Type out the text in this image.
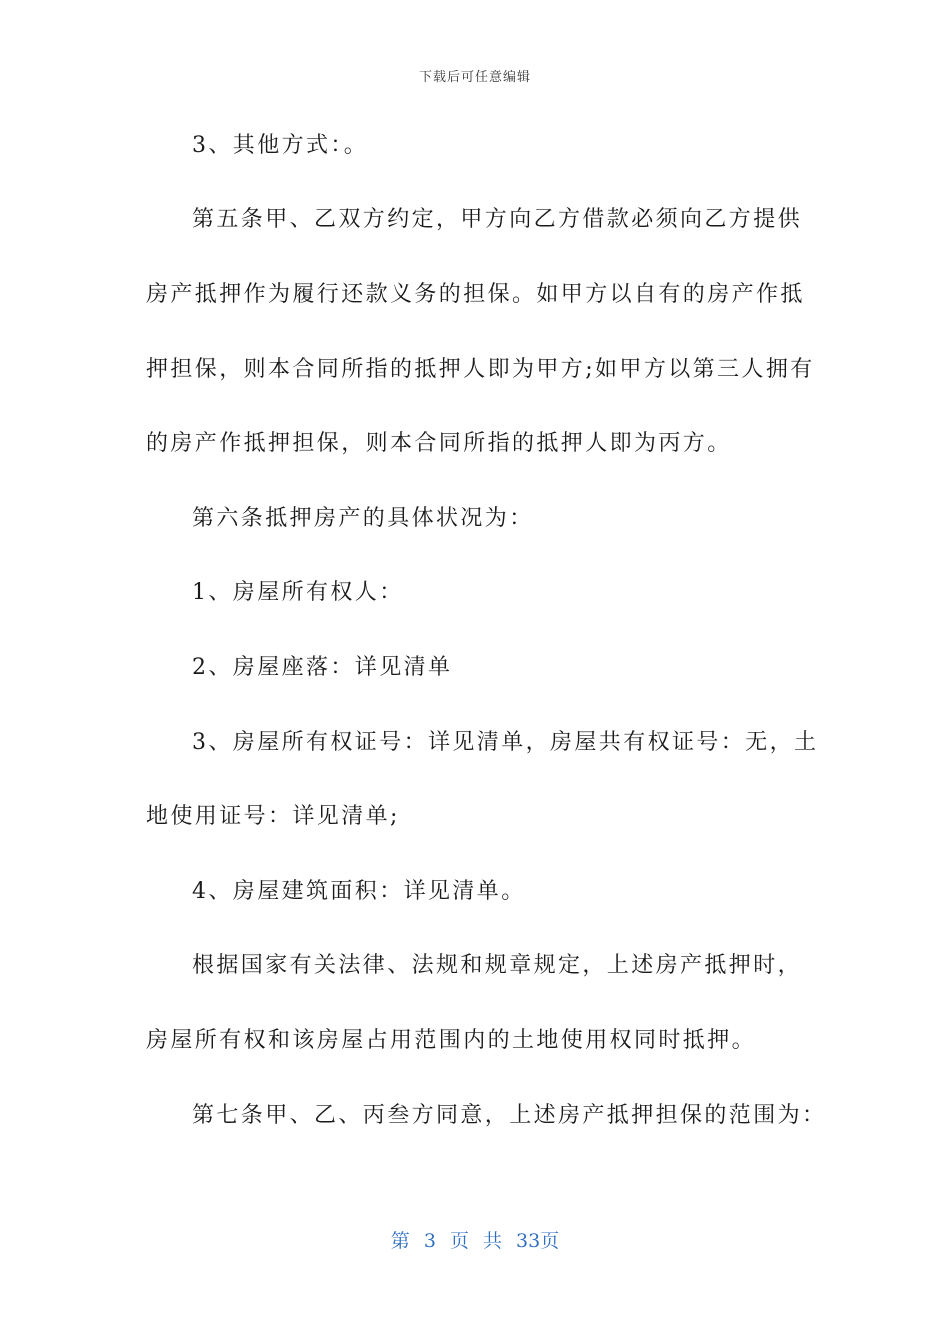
下载后可任意编辑
3、其他方式：。
第五条甲、乙双方约定，甲方向乙方借款必须向乙方提供
房产抵押作为履行还款义务的担保。如甲方以自有的房产作抵
押担保，则本合同所指的抵押人即为甲方;如甲方以第三人拥有
的房产作抵押担保，则本合同所指的抵押人即为丙方。
第六条抵押房产的具体状况为：
1、房屋所有权人：
2、房屋座落：详见清单
3、房屋所有权证号：详见清单，房屋共有权证号：无，土
地使用证号：详见清单;
4、房屋建筑面积：详见清单。
根据国家有关法律、法规和规章规定，上述房产抵押时，
房屋所有权和该房屋占用范围内的土地使用权同时抵押。
第七条甲、乙、丙叁方同意，上述房产抵押担保的范围为：
第 3 页 共 33页
